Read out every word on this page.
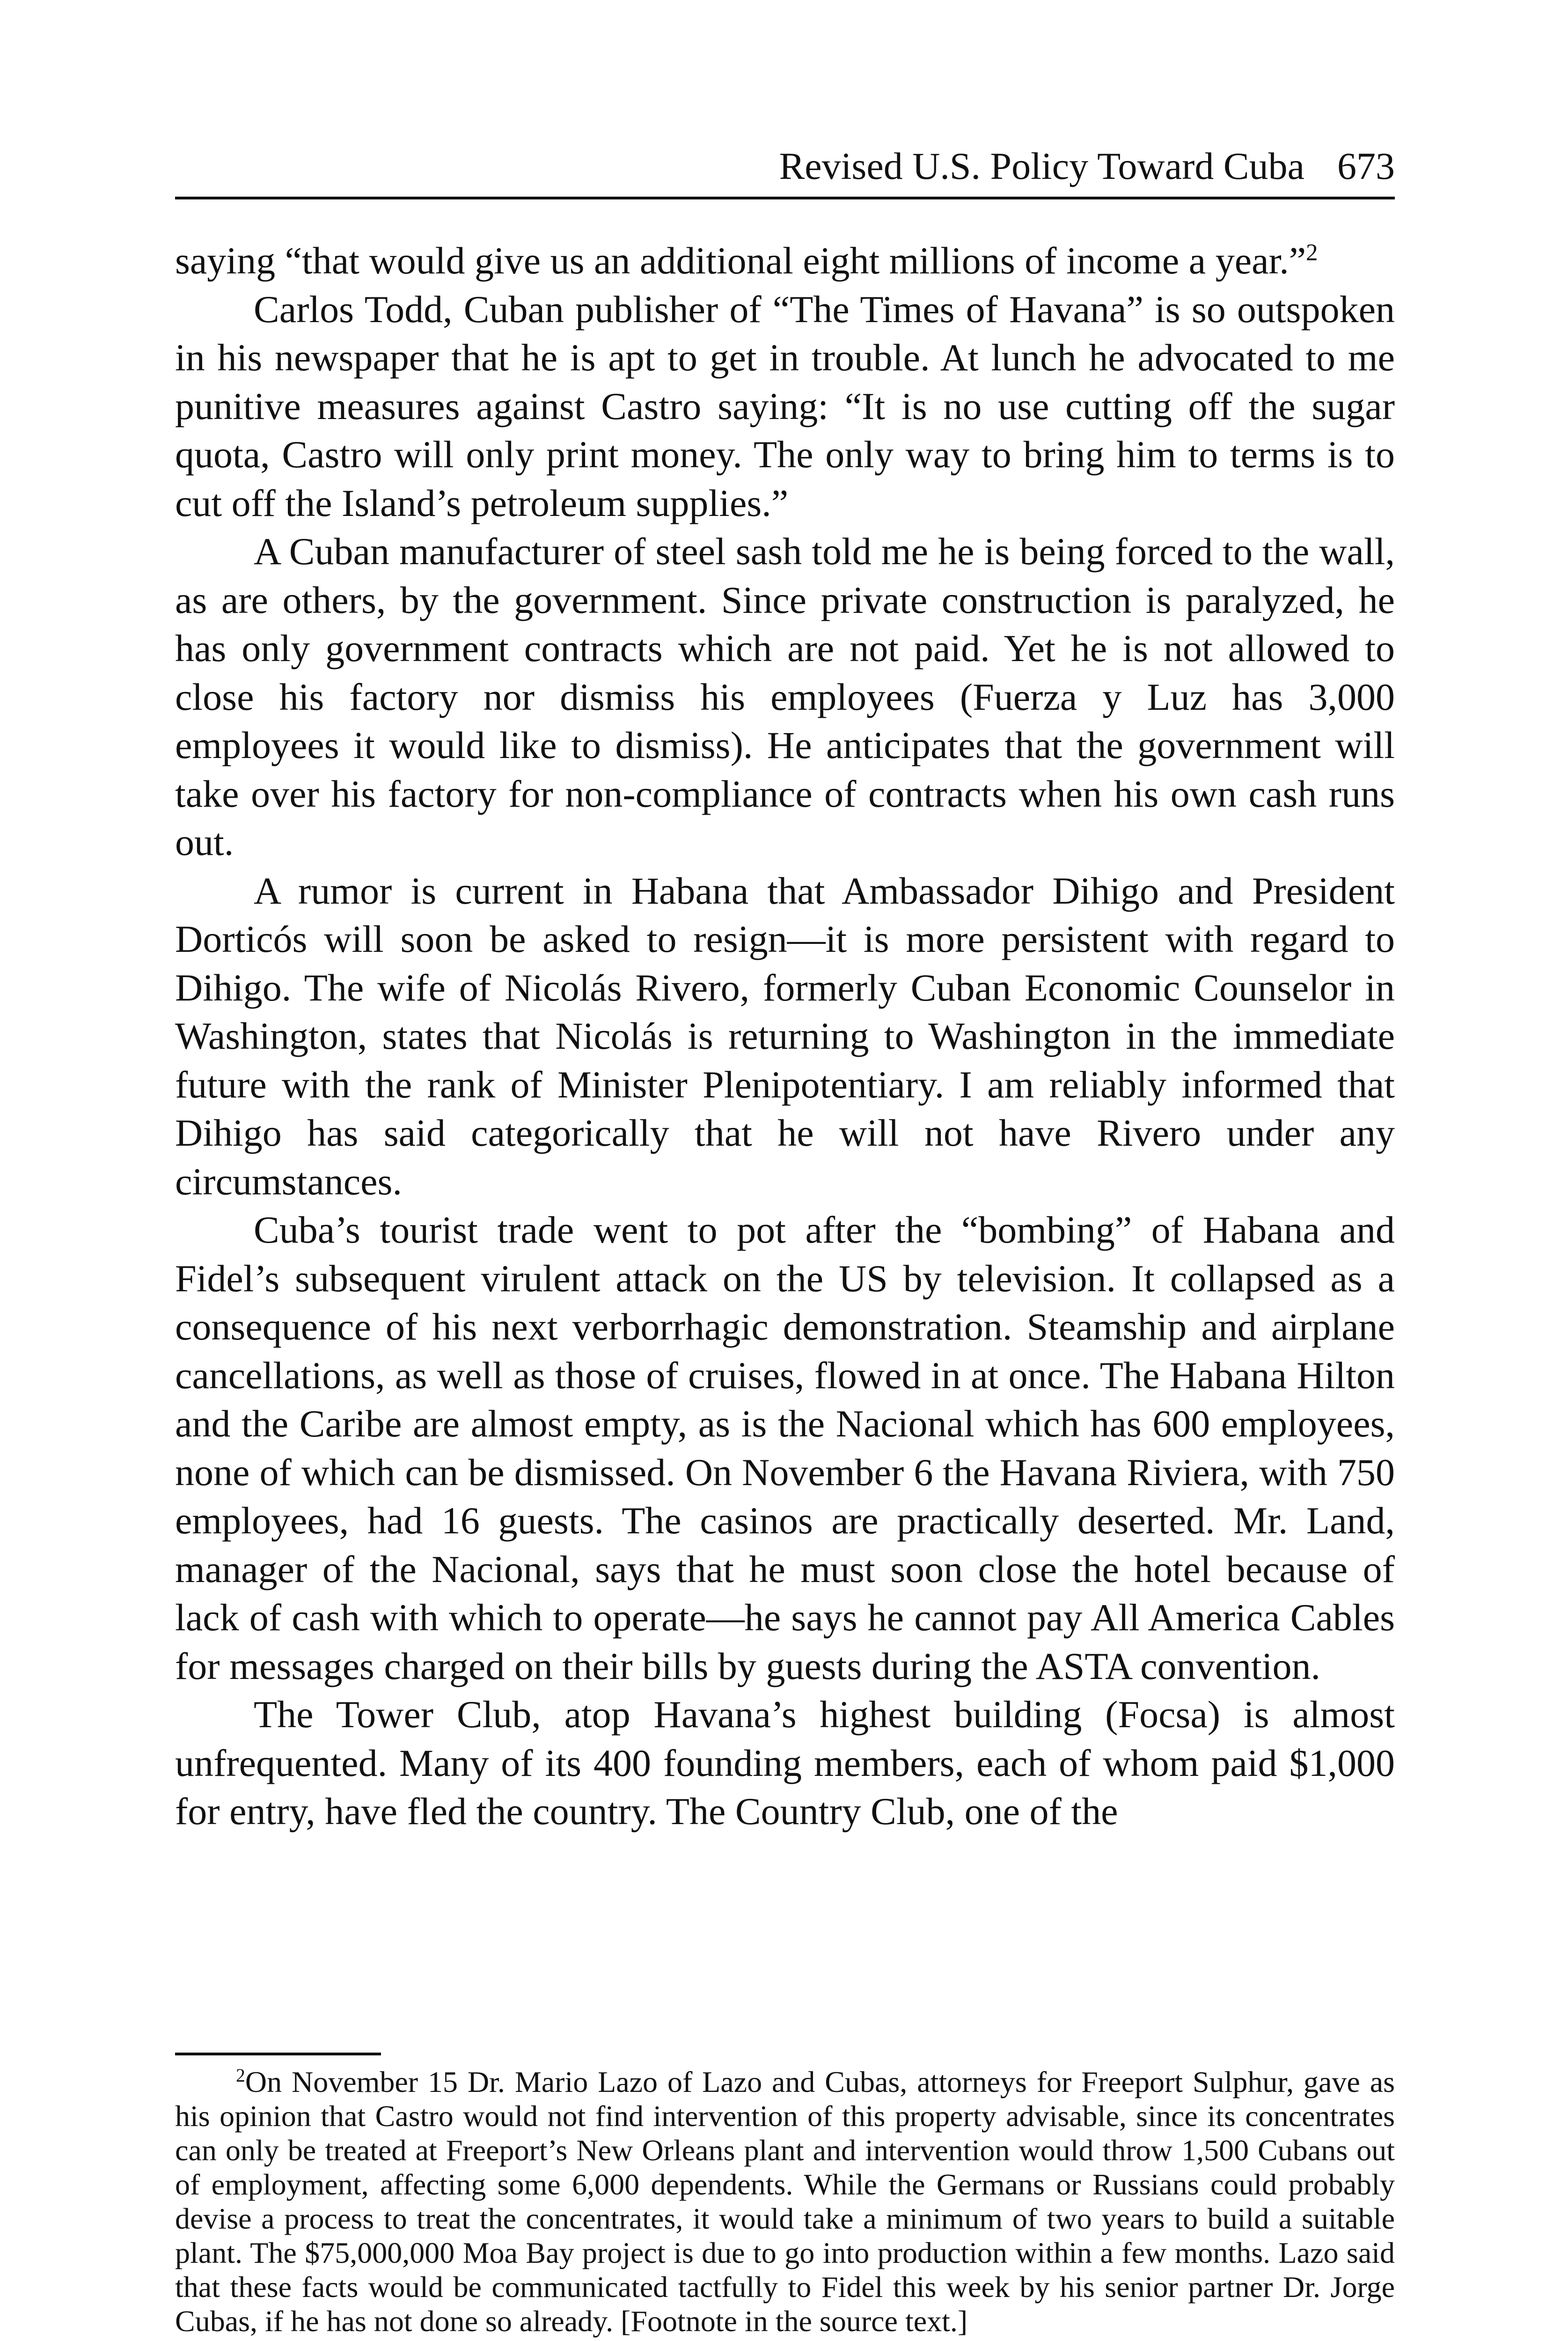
Revised U.S. Policy Toward Cuba 673

saying “that would give us an additional eight millions of income a year.”$^2$

Carlos Todd, Cuban publisher of “The Times of Havana” is so outspoken in his newspaper that he is apt to get in trouble. At lunch he advocated to me punitive measures against Castro saying: “It is no use cutting off the sugar quota, Castro will only print money. The only way to bring him to terms is to cut off the Island’s petroleum supplies.”

A Cuban manufacturer of steel sash told me he is being forced to the wall, as are others, by the government. Since private construction is paralyzed, he has only government contracts which are not paid. Yet he is not allowed to close his factory nor dismiss his employees (Fuerza y Luz has 3,000 employees it would like to dismiss). He anticipates that the government will take over his factory for non-compliance of contracts when his own cash runs out.

A rumor is current in Habana that Ambassador Dihigo and President Dorticós will soon be asked to resign—it is more persistent with regard to Dihigo. The wife of Nicolás Rivero, formerly Cuban Economic Counselor in Washington, states that Nicolás is returning to Washington in the immediate future with the rank of Minister Plenipotentiary. I am reliably informed that Dihigo has said categorically that he will not have Rivero under any circumstances.

Cuba’s tourist trade went to pot after the “bombing” of Habana and Fidel’s subsequent virulent attack on the US by television. It collapsed as a consequence of his next verborrhagic demonstration. Steamship and airplane cancellations, as well as those of cruises, flowed in at once. The Habana Hilton and the Caribe are almost empty, as is the Nacional which has 600 employees, none of which can be dismissed. On November 6 the Havana Riviera, with 750 employees, had 16 guests. The casinos are practically deserted. Mr. Land, manager of the Nacional, says that he must soon close the hotel because of lack of cash with which to operate—he says he cannot pay All America Cables for messages charged on their bills by guests during the ASTA convention.

The Tower Club, atop Havana’s highest building (Focsa) is almost unfrequented. Many of its 400 founding members, each of whom paid $1,000 for entry, have fled the country. The Country Club, one of the

$^2$On November 15 Dr. Mario Lazo of Lazo and Cubas, attorneys for Freeport Sulphur, gave as his opinion that Castro would not find intervention of this property advisable, since its concentrates can only be treated at Freeport’s New Orleans plant and intervention would throw 1,500 Cubans out of employment, affecting some 6,000 dependents. While the Germans or Russians could probably devise a process to treat the concentrates, it would take a minimum of two years to build a suitable plant. The $75,000,000 Moa Bay project is due to go into production within a few months. Lazo said that these facts would be communicated tactfully to Fidel this week by his senior partner Dr. Jorge Cubas, if he has not done so already. [Footnote in the source text.]
